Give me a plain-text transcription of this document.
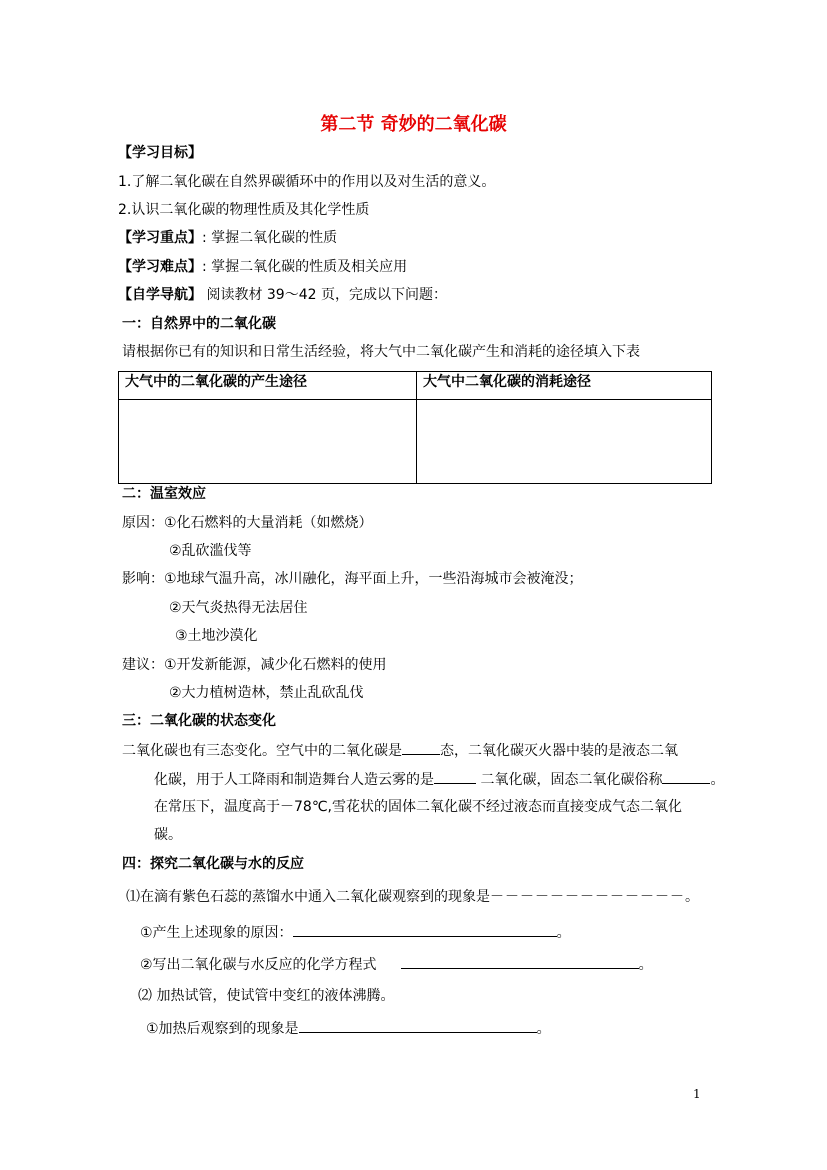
第二节 奇妙的二氧化碳
【学习目标】
1.了解二氧化碳在自然界碳循环中的作用以及对生活的意义。
2.认识二氧化碳的物理性质及其化学性质
【学习重点】: 掌握二氧化碳的性质
【学习难点】: 掌握二氧化碳的性质及相关应用
【自学导航】 阅读教材 39～42 页，完成以下问题：
一：自然界中的二氧化碳
请根据你已有的知识和日常生活经验，将大气中二氧化碳产生和消耗的途径填入下表
大气中的二氧化碳的产生途径	大气中二氧化碳的消耗途径

二：温室效应
原因：①化石燃料的大量消耗（如燃烧）
②乱砍滥伐等
影响：①地球气温升高，冰川融化，海平面上升，一些沿海城市会被淹没；
②天气炎热得无法居住
③土地沙漠化
建议：①开发新能源，减少化石燃料的使用
②大力植树造林，禁止乱砍乱伐
三：二氧化碳的状态变化
二氧化碳也有三态变化。空气中的二氧化碳是	态，二氧化碳灭火器中装的是液态二氧
化碳，用于人工降雨和制造舞台人造云雾的是	二氧化碳，固态二氧化碳俗称	。
在常压下，温度高于－78℃,雪花状的固体二氧化碳不经过液态而直接变成气态二氧化
碳。
四：探究二氧化碳与水的反应
⑴在滴有紫色石蕊的蒸馏水中通入二氧化碳观察到的现象是－－－－－－－－－－－－－。
①产生上述现象的原因：	。
②写出二氧化碳与水反应的化学方程式	。
⑵ 加热试管，使试管中变红的液体沸腾。
①加热后观察到的现象是	。
1
